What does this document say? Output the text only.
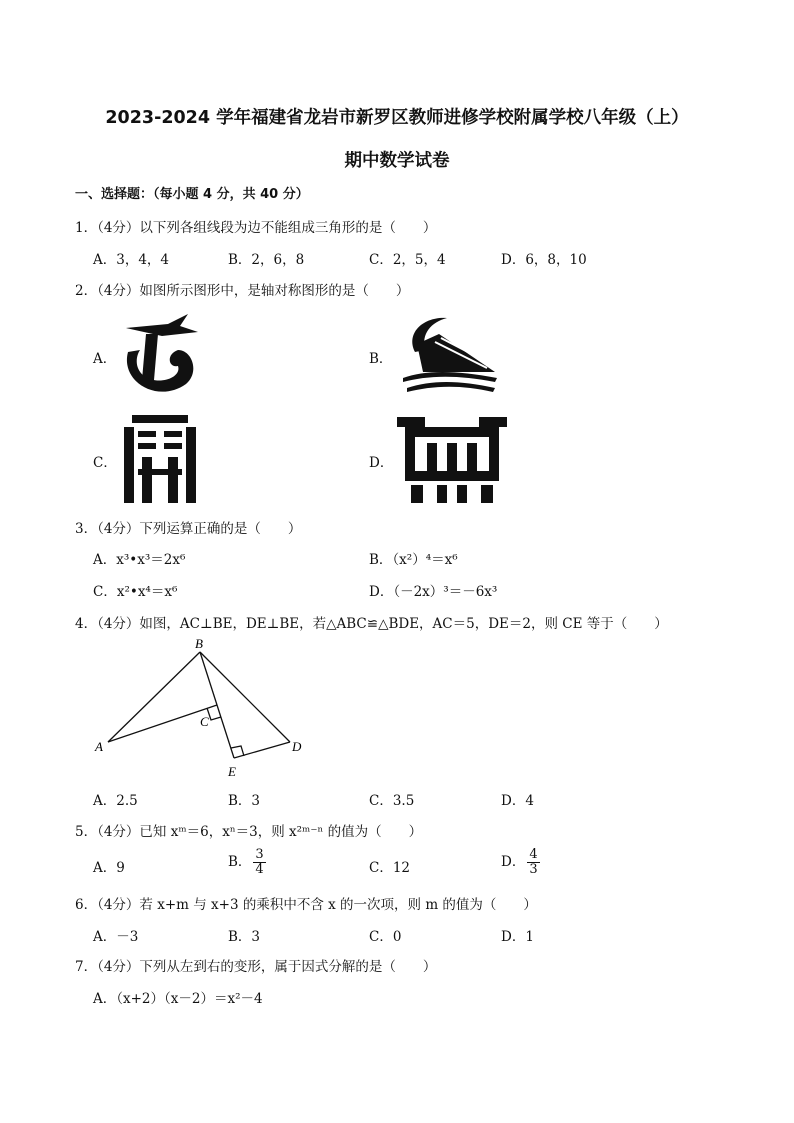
2023-2024 学年福建省龙岩市新罗区教师进修学校附属学校八年级（上）
期中数学试卷
一、选择题：（每小题 4 分，共 40 分）
1．（4分）以下列各组线段为边不能组成三角形的是（　　）
A．3，4，4	B．2，6，8	C．2，5，4	D．6，8，10
2．（4分）如图所示图形中，是轴对称图形的是（　　）
A．	B．
C．	D．
3．（4分）下列运算正确的是（　　）
A．x³•x³＝2x⁶	B．（x²）⁴＝x⁶
C．x²•x⁴＝x⁶	D．（－2x）³＝－6x³
4．（4分）如图，AC⊥BE，DE⊥BE，若△ABC≌△BDE，AC＝5，DE＝2，则 CE 等于（　　）
B
C
A	D
E
A．2.5	B．3	C．3.5	D．4
5．（4分）已知 xᵐ＝6，xⁿ＝3，则 x²ᵐ⁻ⁿ 的值为（　　）
A．9	B． $\frac{3}{4}$	C．12	D． $\frac{4}{3}$
6．（4分）若 x+m 与 x+3 的乘积中不含 x 的一次项，则 m 的值为（　　）
A．－3	B．3	C．0	D．1
7．（4分）下列从左到右的变形，属于因式分解的是（　　）
A．（x+2）（x－2）＝x²－4
